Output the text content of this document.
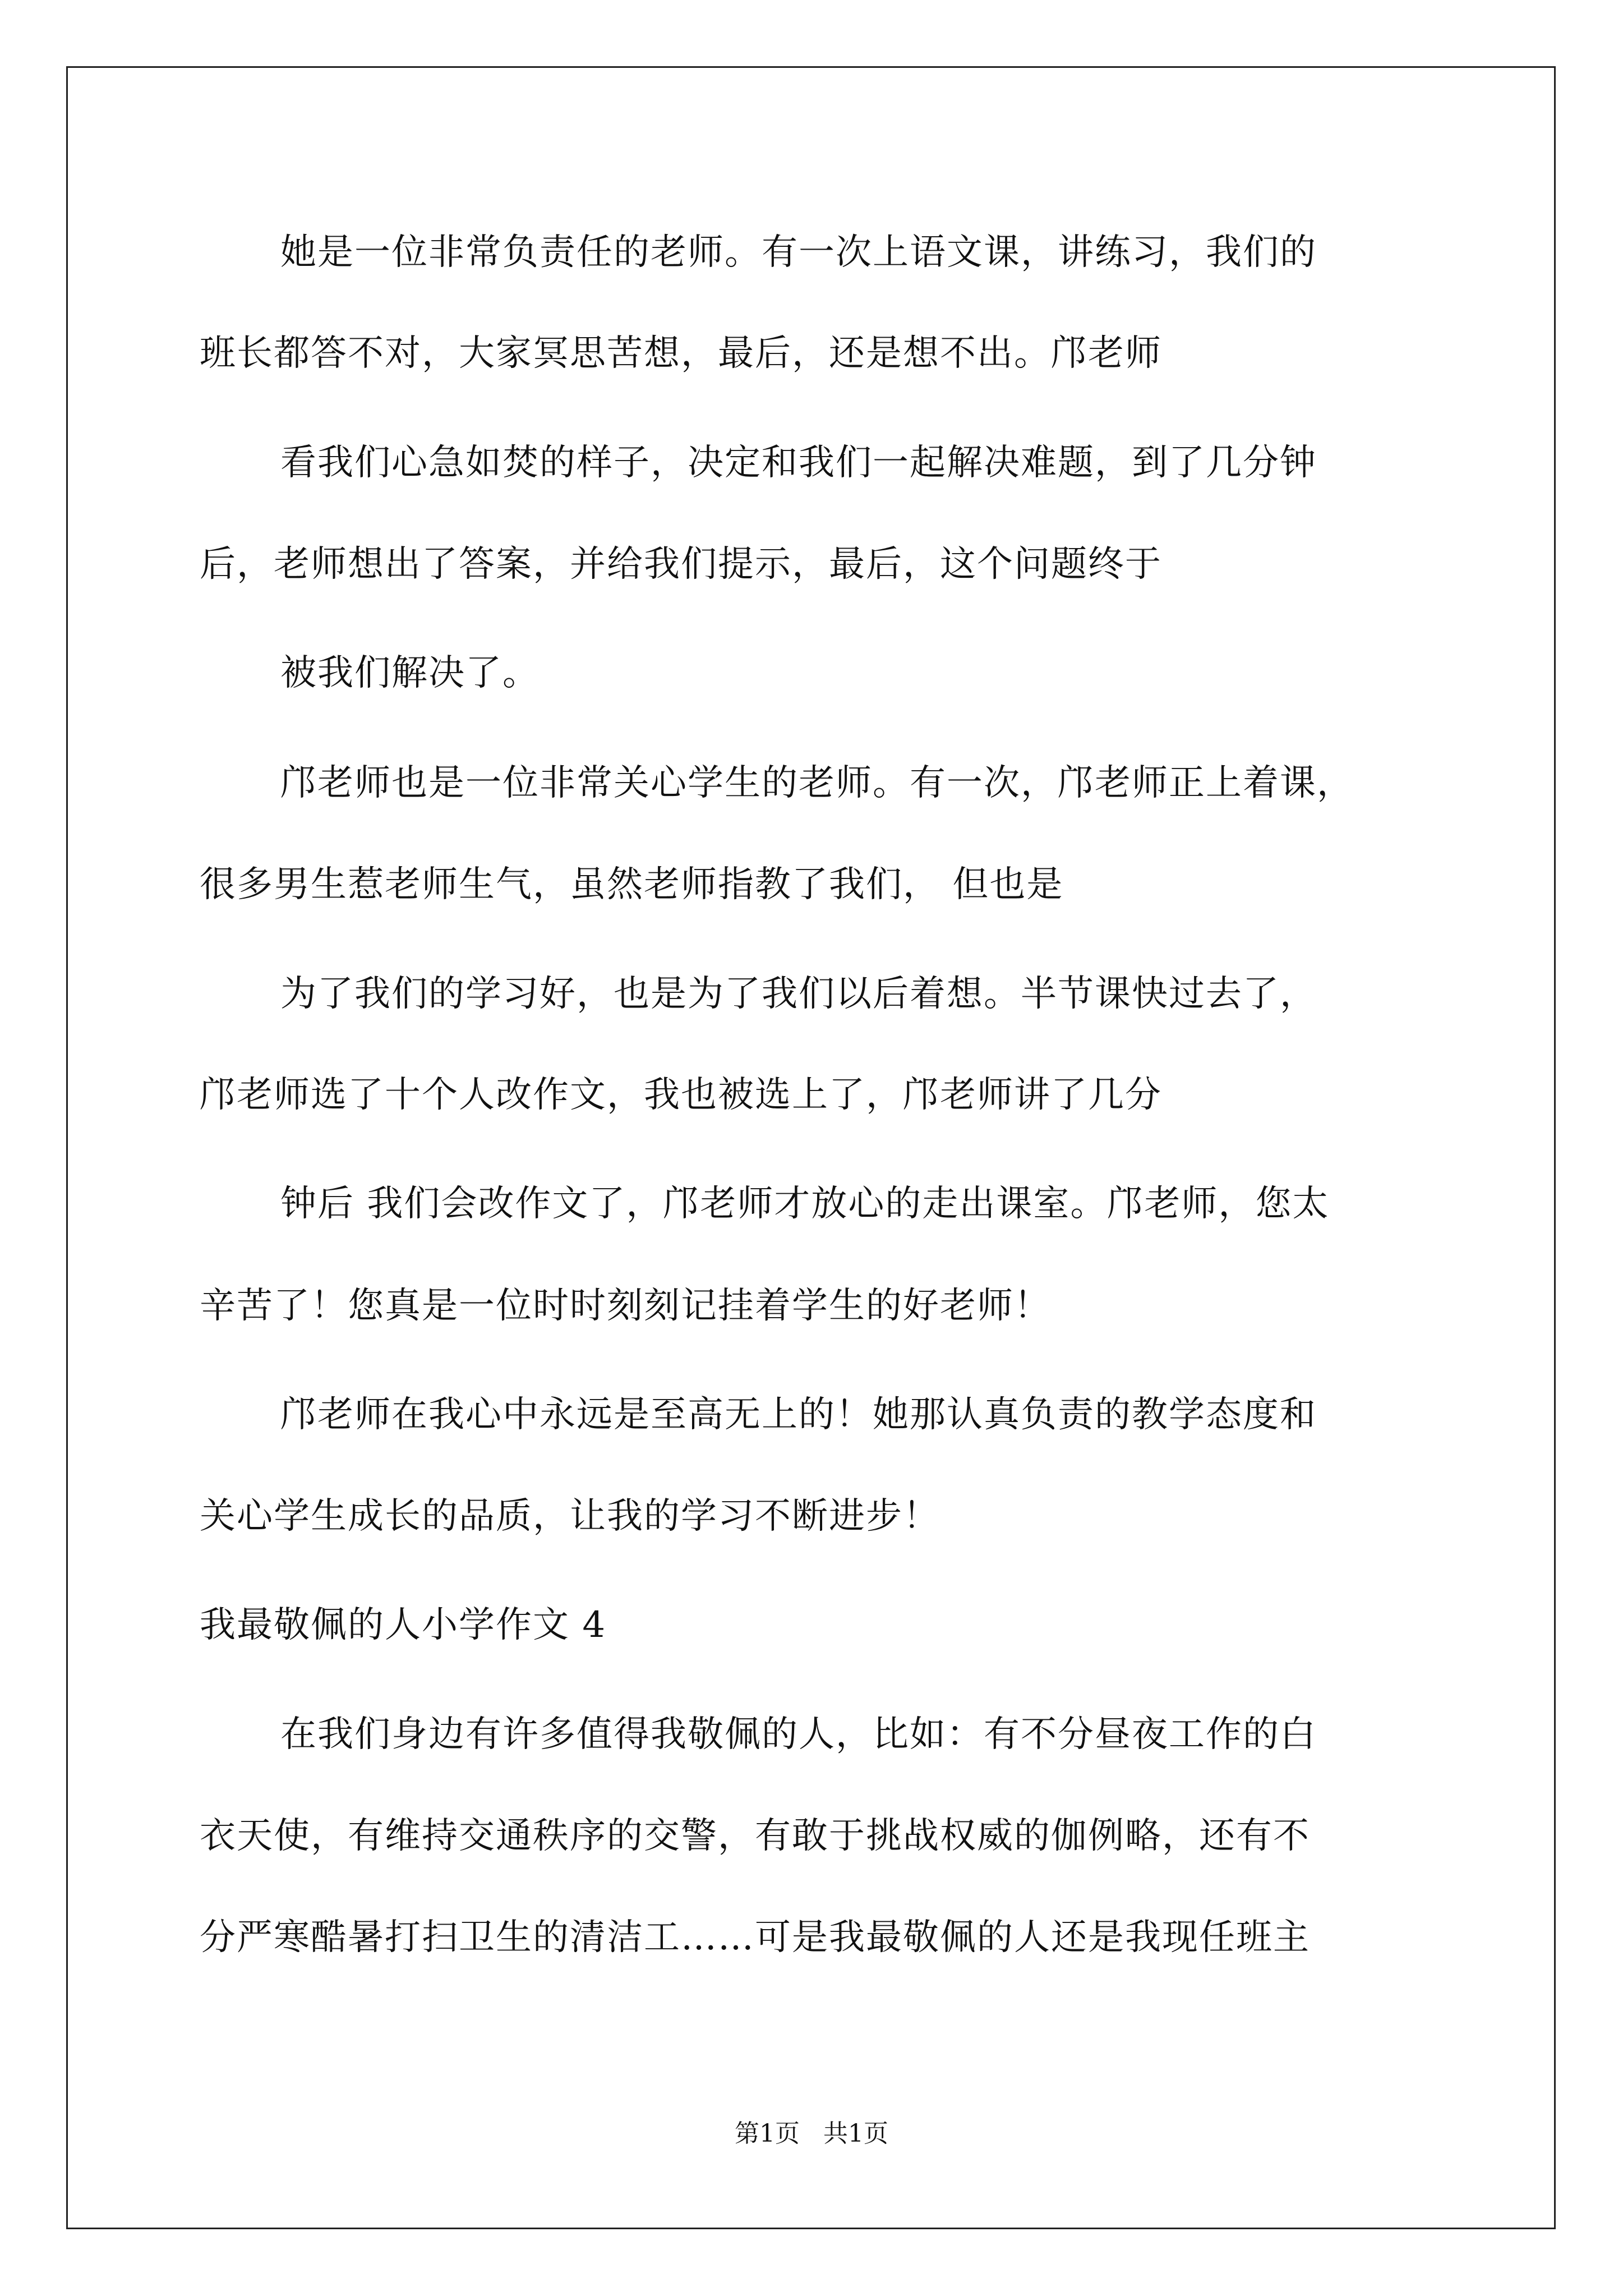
她是一位非常负责任的老师。有一次上语文课，讲练习，我们的
班长都答不对，大家冥思苦想，最后，还是想不出。邝老师
看我们心急如焚的样子，决定和我们一起解决难题，到了几分钟
后，老师想出了答案，并给我们提示，最后，这个问题终于
被我们解决了。
邝老师也是一位非常关心学生的老师。有一次，邝老师正上着课，
很多男生惹老师生气，虽然老师指教了我们， 但也是
为了我们的学习好，也是为了我们以后着想。半节课快过去了，
邝老师选了十个人改作文，我也被选上了，邝老师讲了几分
钟后 我们会改作文了，邝老师才放心的走出课室。邝老师，您太
辛苦了！您真是一位时时刻刻记挂着学生的好老师！
邝老师在我心中永远是至高无上的！她那认真负责的教学态度和
关心学生成长的品质，让我的学习不断进步！
我最敬佩的人小学作文 4
在我们身边有许多值得我敬佩的人，比如：有不分昼夜工作的白
衣天使，有维持交通秩序的交警，有敢于挑战权威的伽例略，还有不
分严寒酷暑打扫卫生的清洁工……可是我最敬佩的人还是我现任班主
第1页   共1页
